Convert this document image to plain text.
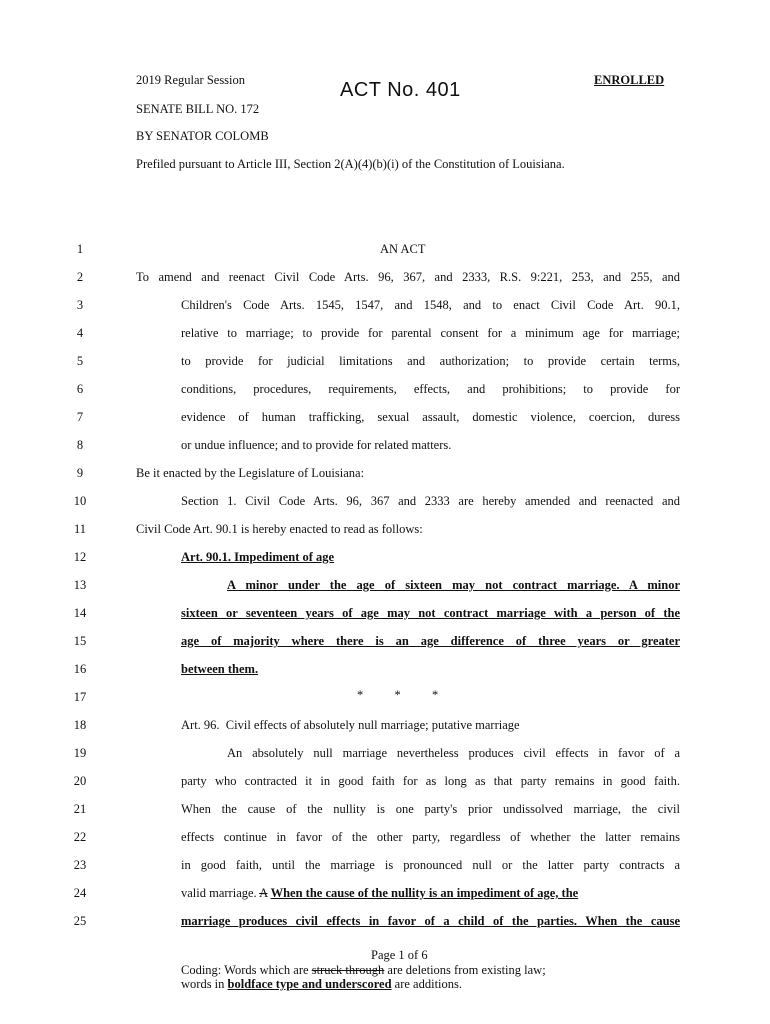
2019 Regular Session	ACT No. 401	ENROLLED
SENATE BILL NO. 172
BY SENATOR COLOMB
Prefiled pursuant to Article III, Section 2(A)(4)(b)(i) of the Constitution of Louisiana.
1
2
3
4
5
6
7
8
9
10
11
12
13
14
15
16
17
18
19
20
21
22
23
24
25
AN ACT
To amend and reenact Civil Code Arts. 96, 367, and 2333, R.S. 9:221, 253, and 255, and
Children's Code Arts. 1545, 1547, and 1548, and to enact Civil Code Art. 90.1,
relative to marriage; to provide for parental consent for a minimum age for marriage;
to provide for judicial limitations and authorization; to provide certain terms,
conditions, procedures, requirements, effects, and prohibitions; to provide for
evidence of human trafficking, sexual assault, domestic violence, coercion, duress
or undue influence; and to provide for related matters.
Be it enacted by the Legislature of Louisiana:
Section 1. Civil Code Arts. 96, 367 and 2333 are hereby amended and reenacted and
Civil Code Art. 90.1 is hereby enacted to read as follows:
Art. 90.1. Impediment of age
A minor under the age of sixteen may not contract marriage. A minor
sixteen or seventeen years of age may not contract marriage with a person of the
age of majority where there is an age difference of three years or greater
between them.
*          *          *
Art. 96.  Civil effects of absolutely null marriage; putative marriage
An absolutely null marriage nevertheless produces civil effects in favor of a
party who contracted it in good faith for as long as that party remains in good faith.
When the cause of the nullity is one party's prior undissolved marriage, the civil
effects continue in favor of the other party, regardless of whether the latter remains
in good faith, until the marriage is pronounced null or the latter party contracts a
valid marriage. A When the cause of the nullity is an impediment of age, the
marriage produces civil effects in favor of a child of the parties. When the cause
Page 1 of 6
Coding: Words which are struck through are deletions from existing law;
words in boldface type and underscored are additions.
